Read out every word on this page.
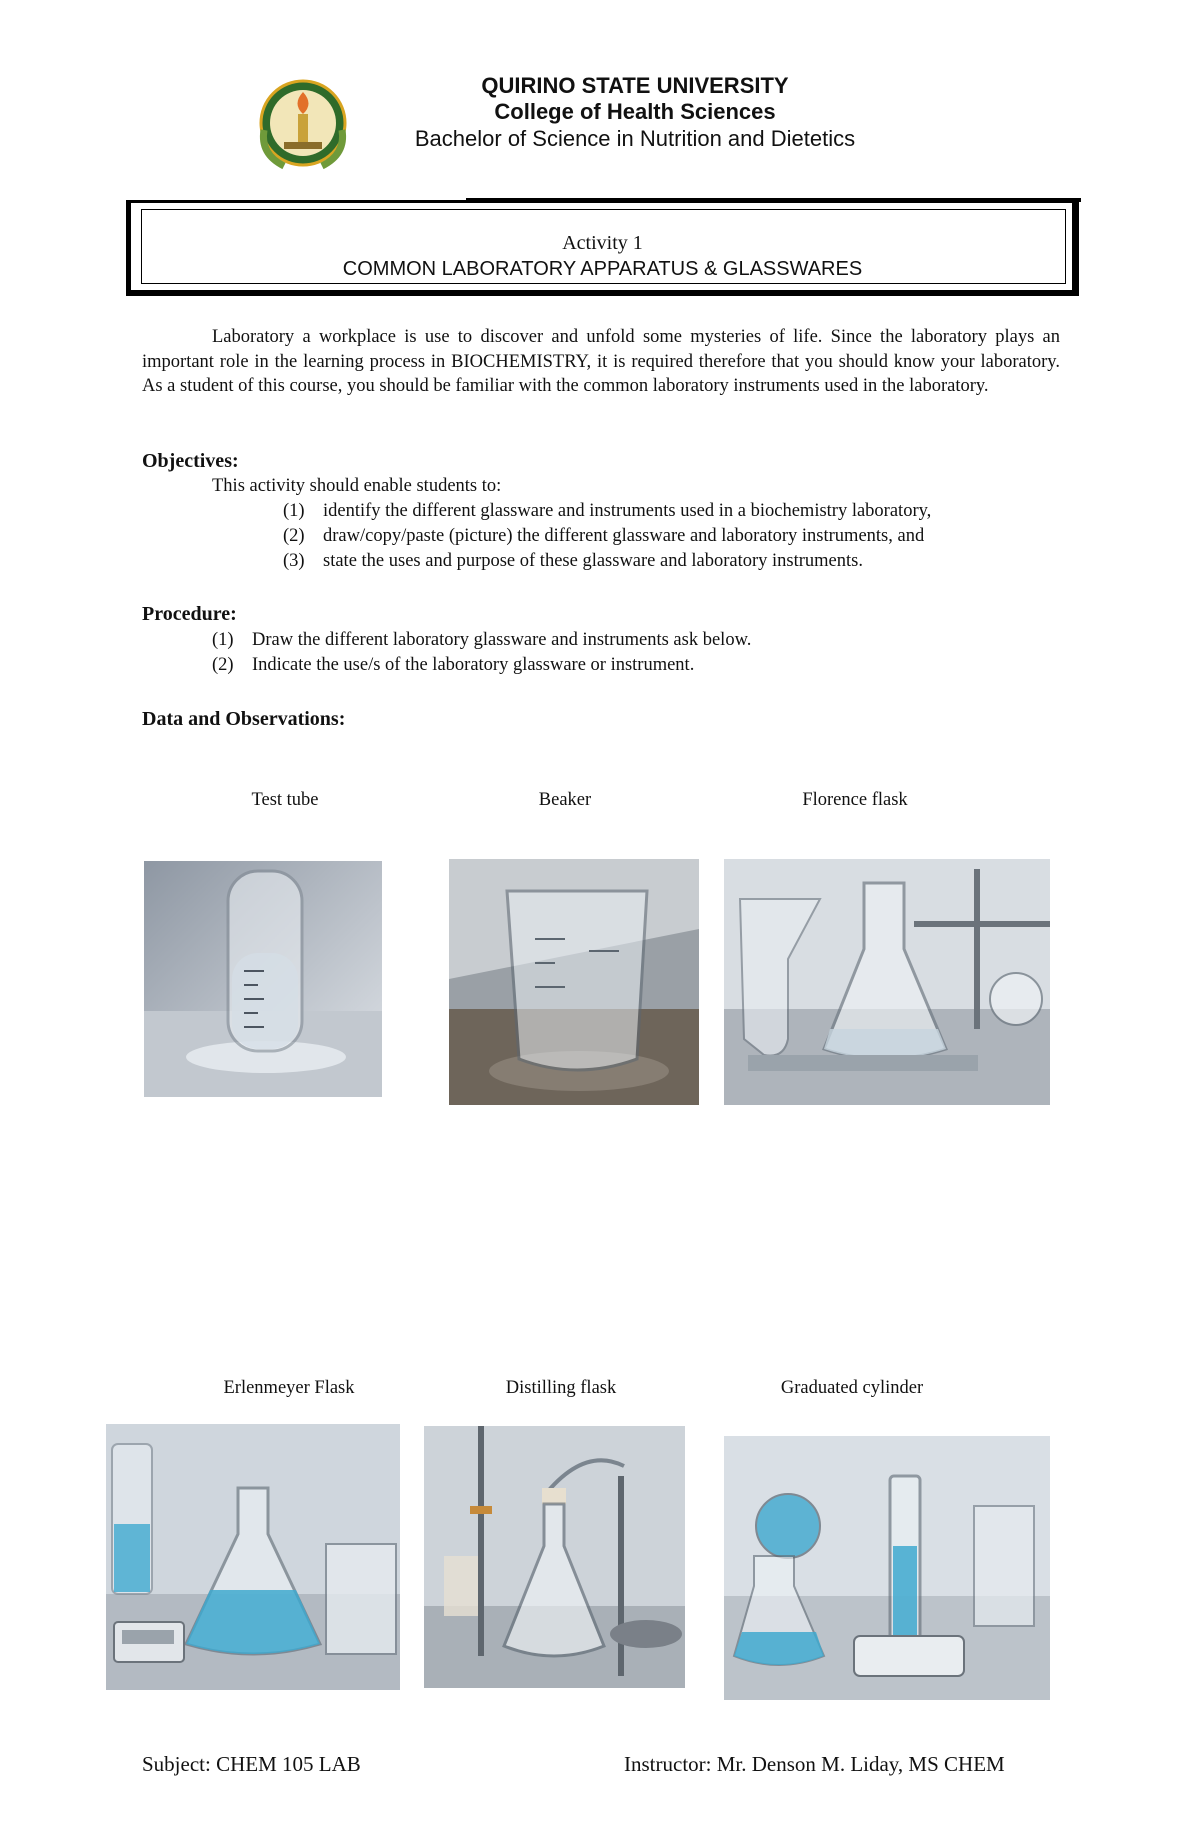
QUIRINO STATE UNIVERSITY
College of Health Sciences
Bachelor of Science in Nutrition and Dietetics
Activity 1
COMMON LABORATORY APPARATUS & GLASSWARES

Laboratory a workplace is use to discover and unfold some mysteries of life. Since the laboratory plays an important role in the learning process in BIOCHEMISTRY, it is required therefore that you should know your laboratory. As a student of this course, you should be familiar with the common laboratory instruments used in the laboratory.

Objectives:
This activity should enable students to:
(1) identify the different glassware and instruments used in a biochemistry laboratory,
(2) draw/copy/paste (picture) the different glassware and laboratory instruments, and
(3) state the uses and purpose of these glassware and laboratory instruments.
Procedure:
(1) Draw the different laboratory glassware and instruments ask below.
(2) Indicate the use/s of the laboratory glassware or instrument.
Data and Observations:
Test tube	Beaker	Florence flask
Erlenmeyer Flask	Distilling flask	Graduated cylinder
Subject: CHEM 105 LAB	Instructor: Mr. Denson M. Liday, MS CHEM
